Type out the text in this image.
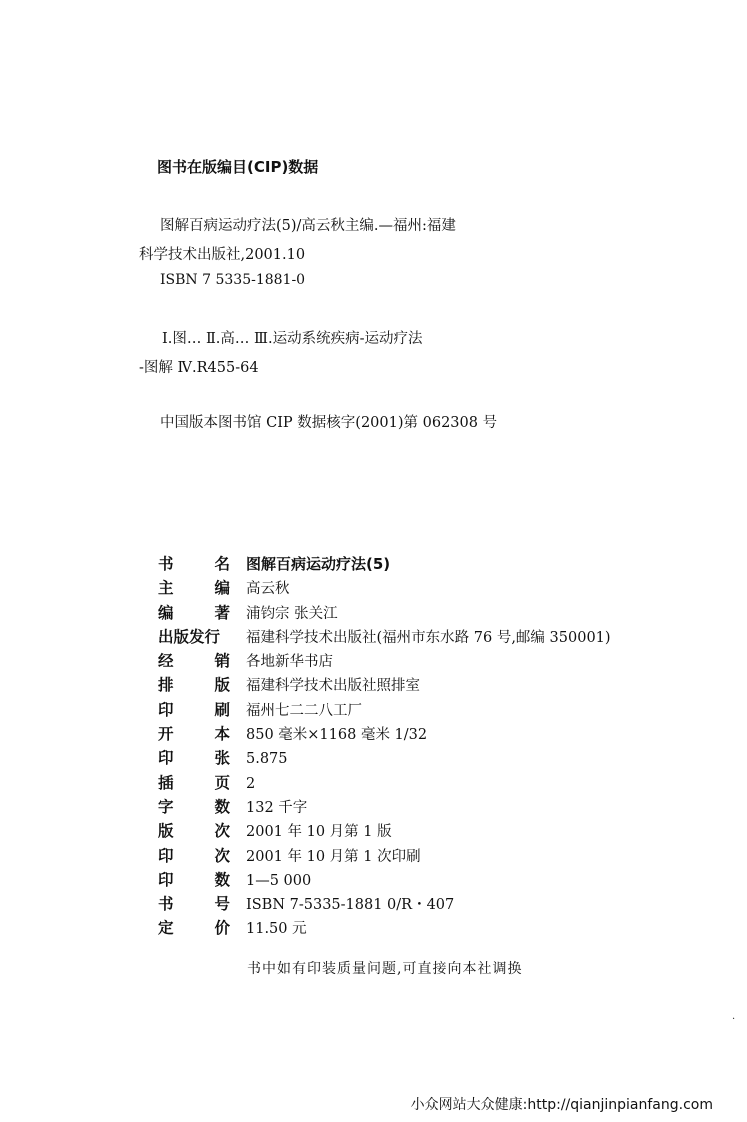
图书在版编目(CIP)数据
图解百病运动疗法(5)/高云秋主编.—福州:福建
科学技术出版社,2001.10
ISBN 7 5335-1881-0
Ⅰ.图… Ⅱ.高… Ⅲ.运动系统疾病-运动疗法
-图解 Ⅳ.R455-64
中国版本图书馆 CIP 数据核字(2001)第 062308 号
书	名 图解百病运动疗法(5)
主	编 高云秋
编	著 浦钧宗 张关江
出版发行 福建科学技术出版社(福州市东水路 76 号,邮编 350001)
经	销 各地新华书店
排	版 福建科学技术出版社照排室
印	刷 福州七二二八工厂
开	本 850 毫米×1168 毫米 1/32
印	张 5.875
插	页 2
字	数 132 千字
版	次 2001 年 10 月第 1 版
印	次 2001 年 10 月第 1 次印刷
印	数 1—5 000
书	号 ISBN 7-5335-1881 0/R・407
定	价 11.50 元
书中如有印装质量问题,可直接向本社调换
·
小众网站大众健康:http://qianjinpianfang.com
